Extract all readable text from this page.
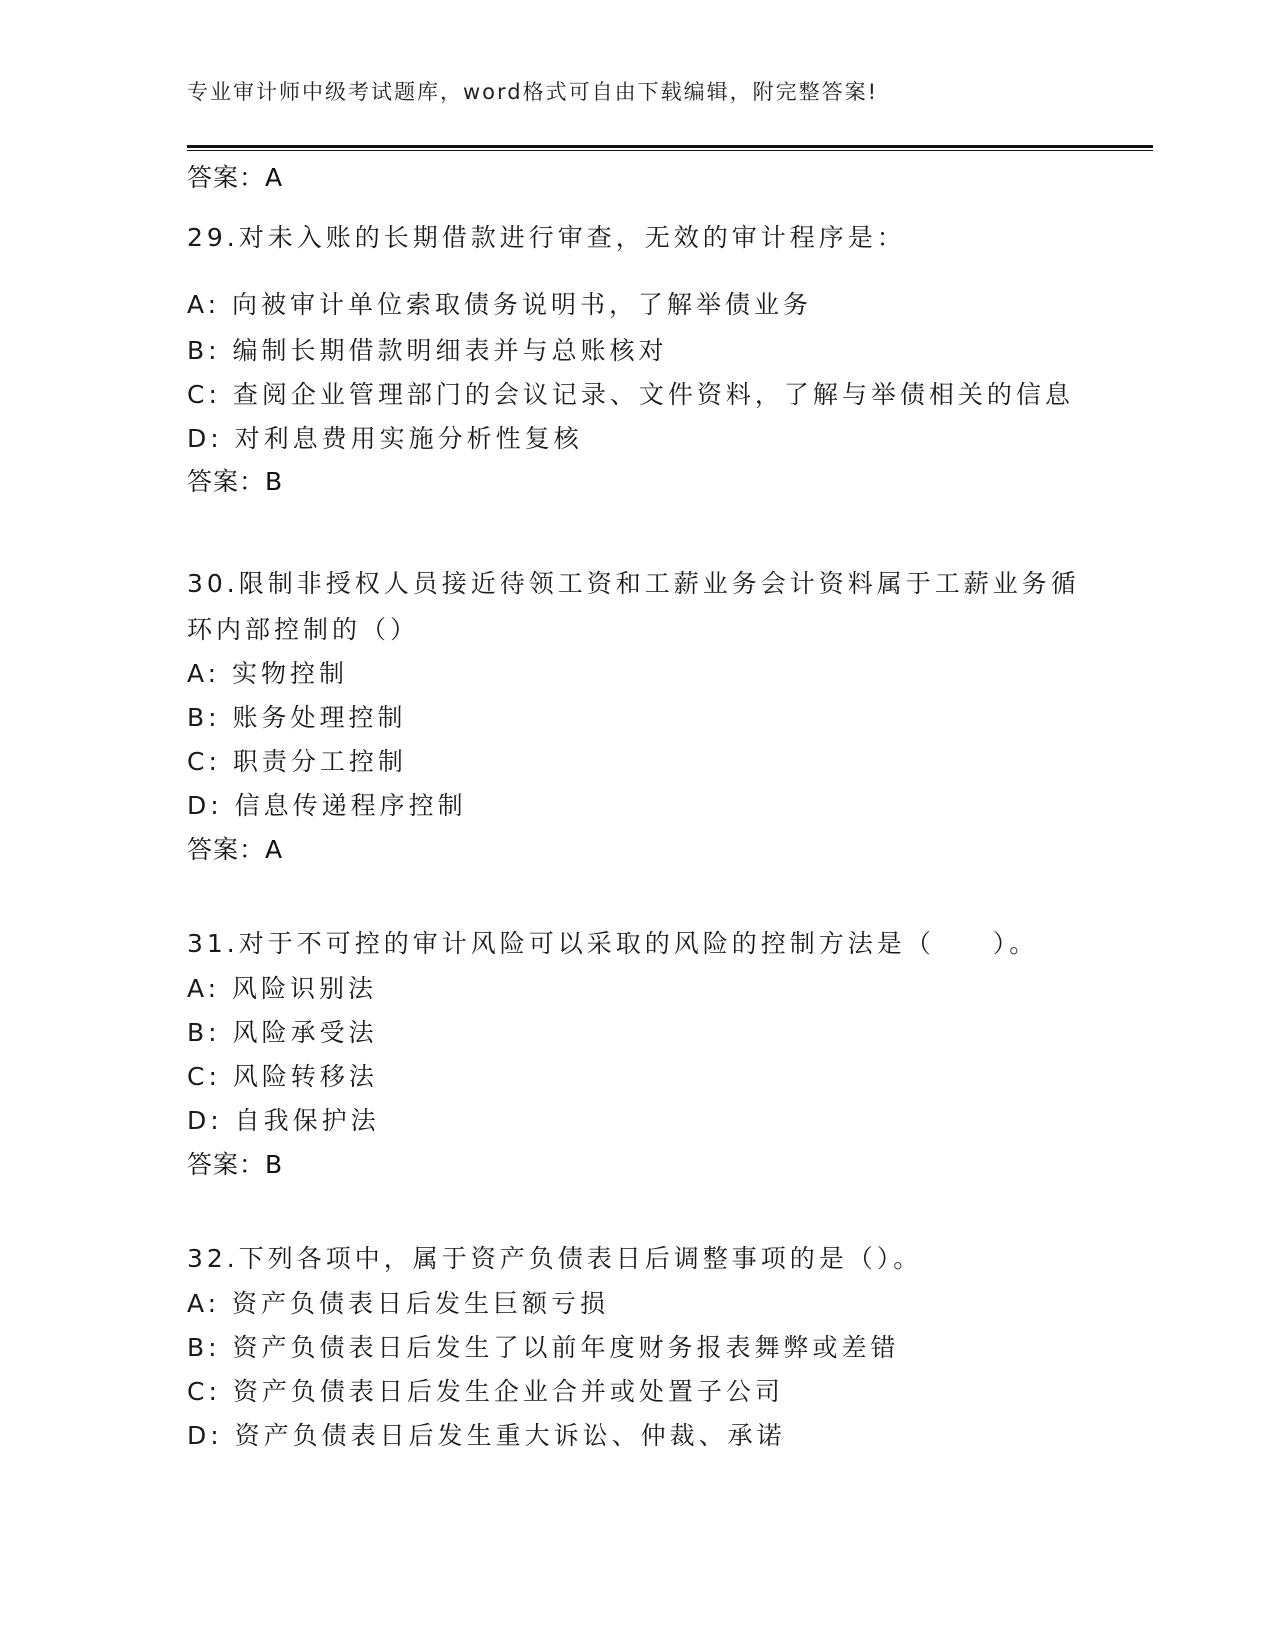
专业审计师中级考试题库，word格式可自由下载编辑，附完整答案!
答案：A
29.对未入账的长期借款进行审查，无效的审计程序是：
A: 向被审计单位索取债务说明书，了解举债业务
B: 编制长期借款明细表并与总账核对
C: 查阅企业管理部门的会议记录、文件资料，了解与举债相关的信息
D: 对利息费用实施分析性复核
答案：B
30.限制非授权人员接近待领工资和工薪业务会计资料属于工薪业务循
环内部控制的（）
A: 实物控制
B: 账务处理控制
C: 职责分工控制
D: 信息传递程序控制
答案：A
31.对于不可控的审计风险可以采取的风险的控制方法是（　　）。
A: 风险识别法
B: 风险承受法
C: 风险转移法
D: 自我保护法
答案：B
32.下列各项中，属于资产负债表日后调整事项的是（）。
A: 资产负债表日后发生巨额亏损
B: 资产负债表日后发生了以前年度财务报表舞弊或差错
C: 资产负债表日后发生企业合并或处置子公司
D: 资产负债表日后发生重大诉讼、仲裁、承诺
